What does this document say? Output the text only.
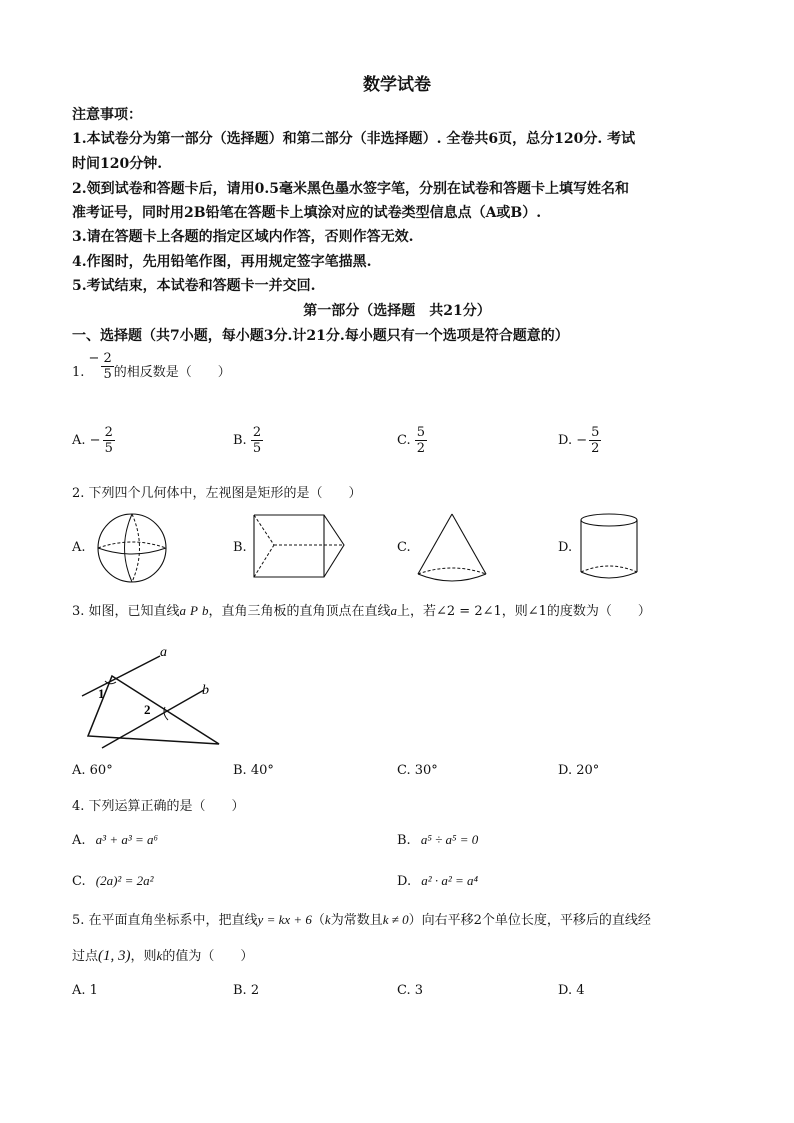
数学试卷
注意事项：
1.本试卷分为第一部分（选择题）和第二部分（非选择题）. 全卷共6页，总分120分. 考试
时间120分钟.
2.领到试卷和答题卡后，请用0.5毫米黑色墨水签字笔，分别在试卷和答题卡上填写姓名和
准考证号，同时用2B铅笔在答题卡上填涂对应的试卷类型信息点（A或B）.
3.请在答题卡上各题的指定区域内作答，否则作答无效.
4.作图时，先用铅笔作图，再用规定签字笔描黑.
5.考试结束，本试卷和答题卡一并交回.
第一部分（选择题　共21分）
一、选择题（共7小题，每小题3分.计21分.每小题只有一个选项是符合题意的）
1. − $\frac{2}{5}$ 的相反数是（　　）
A. − $\frac{2}{5}$	B. $\frac{2}{5}$	C. $\frac{5}{2}$	D. − $\frac{5}{2}$
2. 下列四个几何体中，左视图是矩形的是（　　）
A.	B.	C.	D.
3. 如图，已知直线a P b，直角三角板的直角顶点在直线a上，若∠2 = 2∠1，则∠1的度数为（　　）
a
b
1
2
A. 60°	B. 40°	C. 30°	D. 20°
4. 下列运算正确的是（　　）
A. a³ + a³ = a⁶	B. a⁵ ÷ a⁵ = 0
C. (2a)² = 2a²	D. a² · a² = a⁴
5. 在平面直角坐标系中，把直线y = kx + 6（k为常数且k ≠ 0）向右平移2个单位长度，平移后的直线经
过点(1, 3)，则k的值为（　　）
A. 1	B. 2	C. 3	D. 4
